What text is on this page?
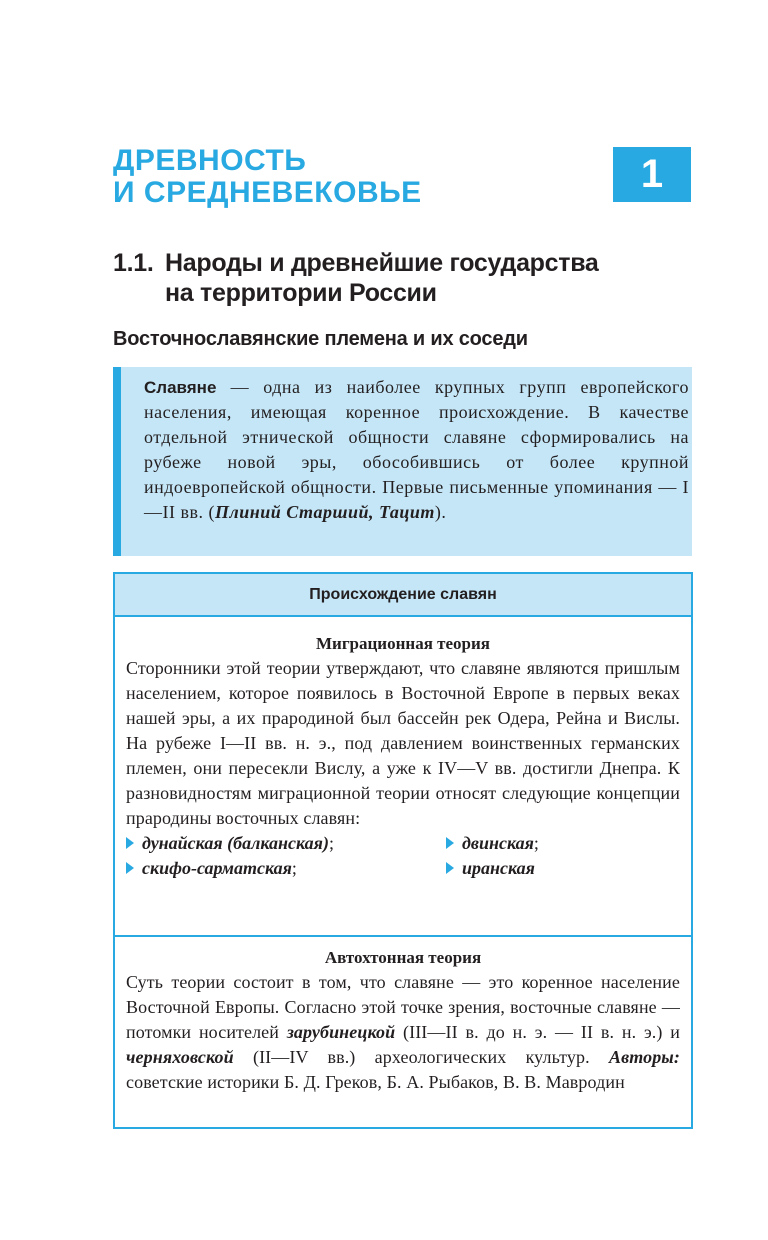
ДРЕВНОСТЬ
И СРЕДНЕВЕКОВЬЕ	1
1.1. Народы и древнейшие государства
на территории России
Восточнославянские племена и их соседи

Славяне — одна из наиболее крупных групп европейского населения, имеющая коренное происхождение. В качестве отдельной этнической общности славяне сформировались на рубеже новой эры, обособившись от более крупной индоевропейской общности. Первые письменные упоминания — I—II вв. (Плиний Старший, Тацит).

Происхождение славян
Миграционная теория

Сторонники этой теории утверждают, что славяне являются пришлым населением, которое появилось в Восточной Европе в первых веках нашей эры, а их прародиной был бассейн рек Одера, Рейна и Вислы. На рубеже I—II вв. н. э., под давлением воинственных германских племен, они пересекли Вислу, а уже к IV—V вв. достигли Днепра. К разновидностям миграционной теории относят следующие концепции прародины восточных славян:

дунайская (балканская);	двинская;
скифо-сарматская;	иранская
Автохтонная теория

Суть теории состоит в том, что славяне — это коренное население Восточной Европы. Согласно этой точке зрения, восточные славяне — потомки носителей зарубинецкой (III—II в. до н. э. — II в. н. э.) и черняховской (II—IV вв.) археологических культур. Авторы: советские историки Б. Д. Греков, Б. А. Рыбаков, В. В. Мавродин
